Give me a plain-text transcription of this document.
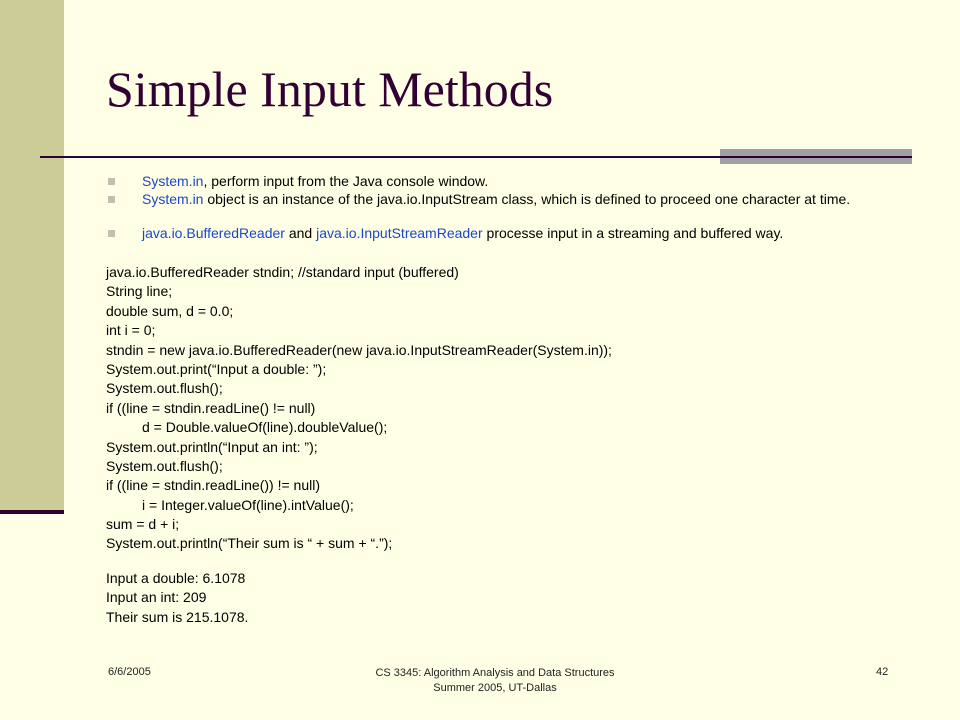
Simple Input Methods
System.in, perform input from the Java console window.
System.in object is an instance of the java.io.InputStream class, which is defined to proceed one character at time.
java.io.BufferedReader and java.io.InputStreamReader processe input in a streaming and buffered way.
java.io.BufferedReader stndin; //standard input (buffered)
String line;
double sum, d = 0.0;
int i = 0;
stndin = new java.io.BufferedReader(new java.io.InputStreamReader(System.in));
System.out.print(“Input a double: ”);
System.out.flush();
if ((line = stndin.readLine() != null)
d = Double.valueOf(line).doubleValue();
System.out.println(“Input an int: ”);
System.out.flush();
if ((line = stndin.readLine()) != null)
i = Integer.valueOf(line).intValue();
sum = d + i;
System.out.println(“Their sum is “ + sum + “.”);
Input a double: 6.1078
Input an int: 209
Their sum is 215.1078.
6/6/2005	CS 3345: Algorithm Analysis and Data Structures
Summer 2005, UT-Dallas
42
